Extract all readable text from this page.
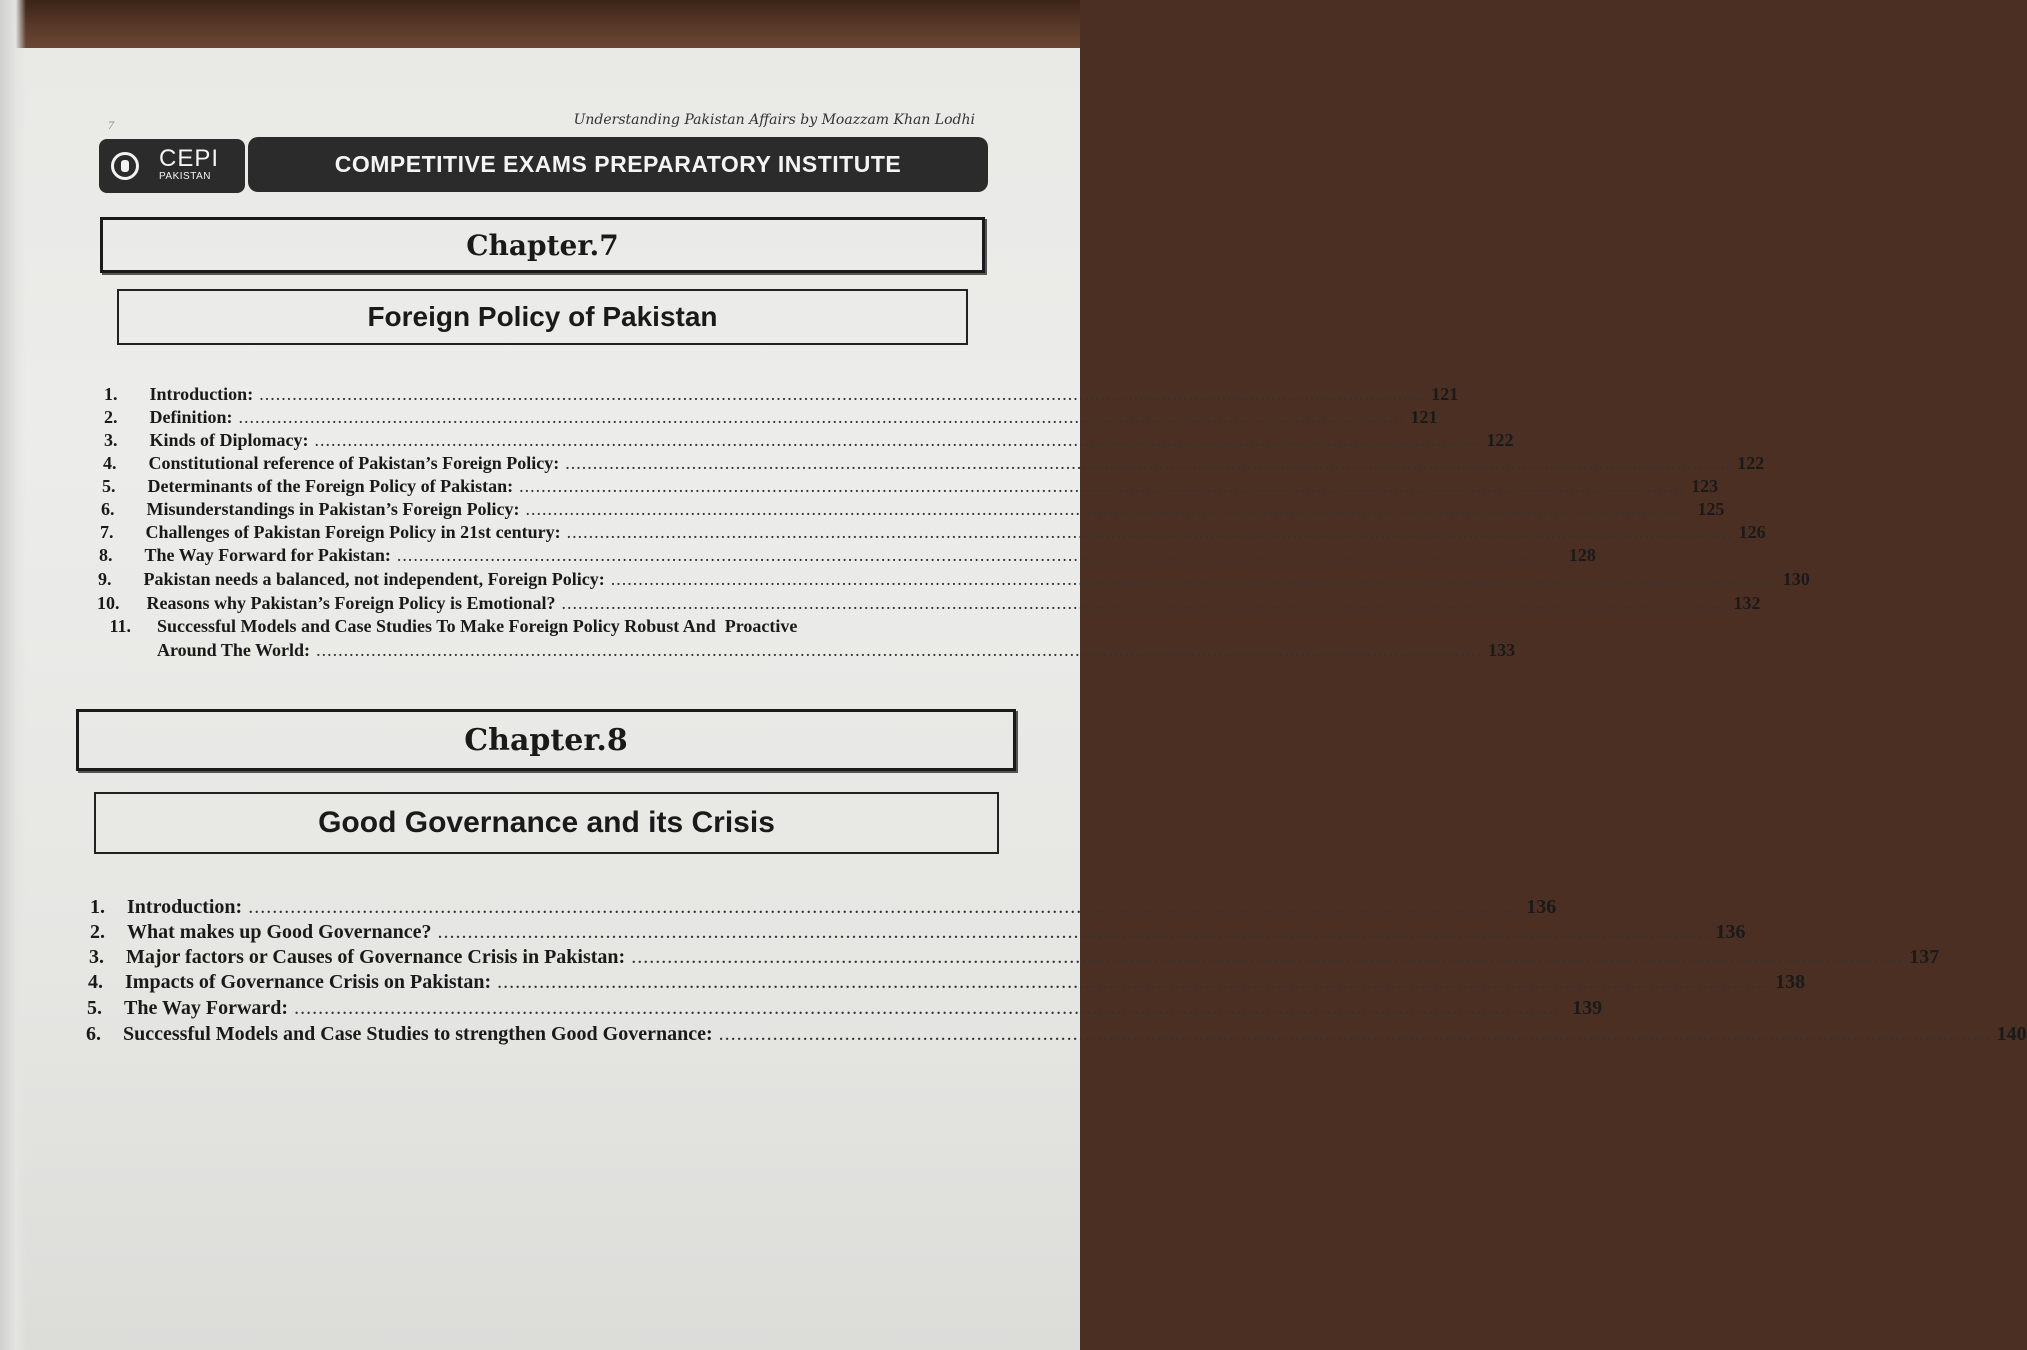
7	Understanding Pakistan Affairs by Moazzam Khan Lodhi
CEPI
PAKISTAN	COMPETITIVE EXAMS PREPARATORY INSTITUTE
Chapter.7
Foreign Policy of Pakistan
1. Introduction: .................................................................................................................................................................................................................... 121
2. Definition: .................................................................................................................................................................................................................... 121
3. Kinds of Diplomacy: .................................................................................................................................................................................................................... 122
4. Constitutional reference of Pakistan’s Foreign Policy: .................................................................................................................................................................................................................... 122
5. Determinants of the Foreign Policy of Pakistan: .................................................................................................................................................................................................................... 123
6. Misunderstandings in Pakistan’s Foreign Policy: .................................................................................................................................................................................................................... 125
7. Challenges of Pakistan Foreign Policy in 21st century: .................................................................................................................................................................................................................... 126
8. The Way Forward for Pakistan: .................................................................................................................................................................................................................... 128
9. Pakistan needs a balanced, not independent, Foreign Policy: .................................................................................................................................................................................................................... 130
10. Reasons why Pakistan’s Foreign Policy is Emotional? .................................................................................................................................................................................................................... 132
11. Successful Models and Case Studies To Make Foreign Policy Robust And  Proactive
Around The World: .................................................................................................................................................................................................................... 133
Chapter.8
Good Governance and its Crisis
1. Introduction: .................................................................................................................................................................................................................... 136
2. What makes up Good Governance? .................................................................................................................................................................................................................... 136
3. Major factors or Causes of Governance Crisis in Pakistan: .................................................................................................................................................................................................................... 137
4. Impacts of Governance Crisis on Pakistan: .................................................................................................................................................................................................................... 138
5. The Way Forward: .................................................................................................................................................................................................................... 139
6. Successful Models and Case Studies to strengthen Good Governance: .................................................................................................................................................................................................................... 140
